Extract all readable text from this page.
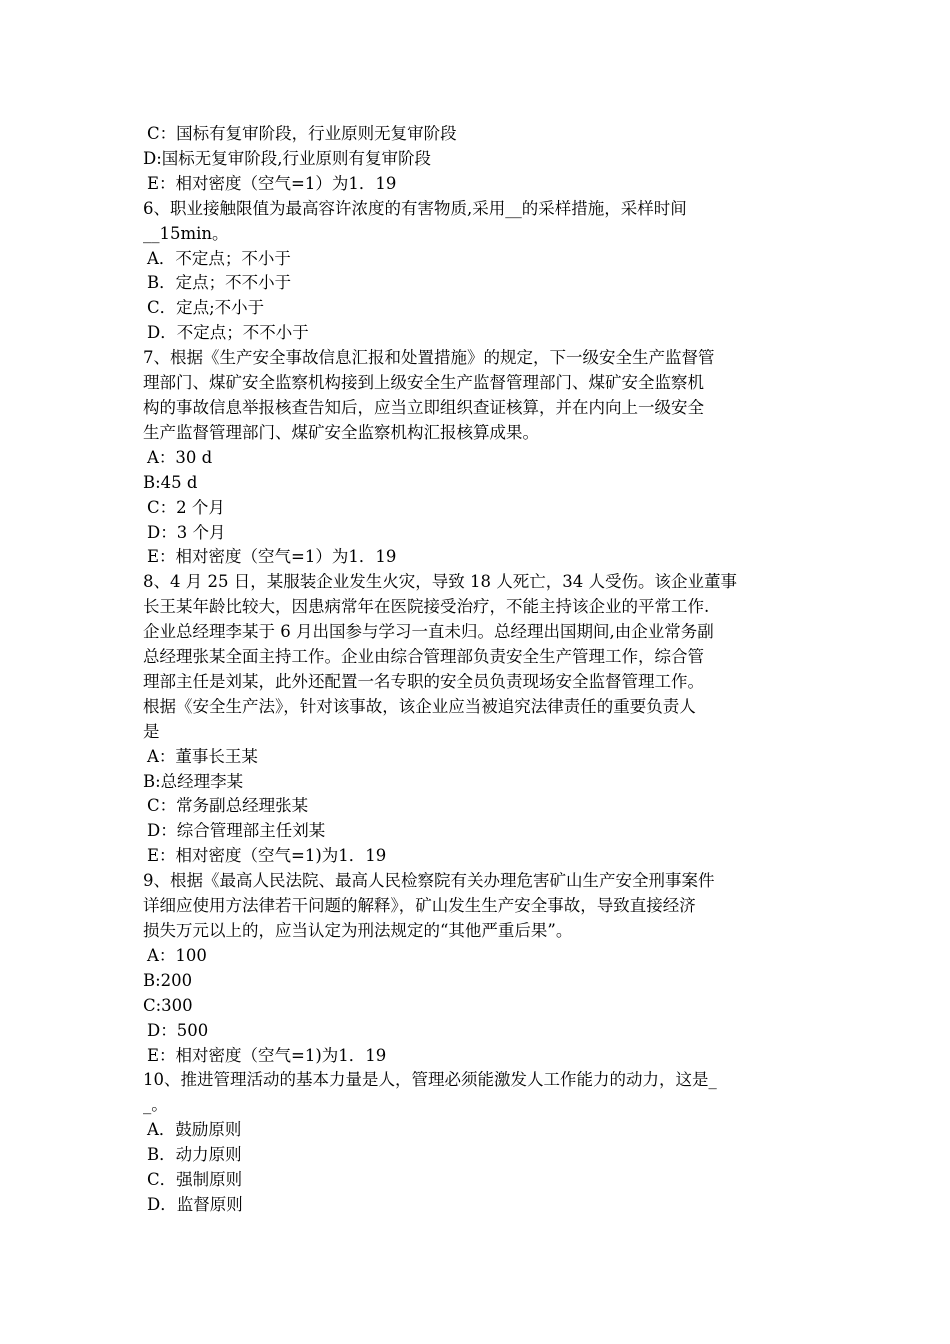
C：国标有复审阶段，行业原则无复审阶段

D:国标无复审阶段,行业原则有复审阶段

E：相对密度（空气=1）为1．19

6、职业接触限值为最高容许浓度的有害物质,采用__的采样措施，采样时间

__15min。

A．不定点；不小于

B．定点；不不小于

C．定点;不小于

D．不定点；不不小于

7、根据《生产安全事故信息汇报和处置措施》的规定，下一级安全生产监督管

理部门、煤矿安全监察机构接到上级安全生产监督管理部门、煤矿安全监察机

构的事故信息举报核查告知后，应当立即组织查证核算，并在内向上一级安全

生产监督管理部门、煤矿安全监察机构汇报核算成果。

A：30 d

B:45 d

C：2 个月

D：3 个月

E：相对密度（空气=1）为1．19

8、4 月 25 日，某服装企业发生火灾，导致 18 人死亡，34 人受伤。该企业董事

长王某年龄比较大，因患病常年在医院接受治疗，不能主持该企业的平常工作.

企业总经理李某于 6 月出国参与学习一直未归。总经理出国期间,由企业常务副

总经理张某全面主持工作。企业由综合管理部负责安全生产管理工作，综合管

理部主任是刘某，此外还配置一名专职的安全员负责现场安全监督管理工作。

根据《安全生产法》，针对该事故，该企业应当被追究法律责任的重要负责人

是

A：董事长王某

B:总经理李某

C：常务副总经理张某

D：综合管理部主任刘某

E：相对密度（空气=1)为1．19

9、根据《最高人民法院、最高人民检察院有关办理危害矿山生产安全刑事案件

详细应使用方法律若干问题的解释》，矿山发生生产安全事故，导致直接经济

损失万元以上的，应当认定为刑法规定的“其他严重后果”。

A：100

B:200

C:300

D：500

E：相对密度（空气=1)为1．19

10、推进管理活动的基本力量是人，管理必须能激发人工作能力的动力，这是_

_。

A．鼓励原则

B．动力原则

C．强制原则

D．监督原则
